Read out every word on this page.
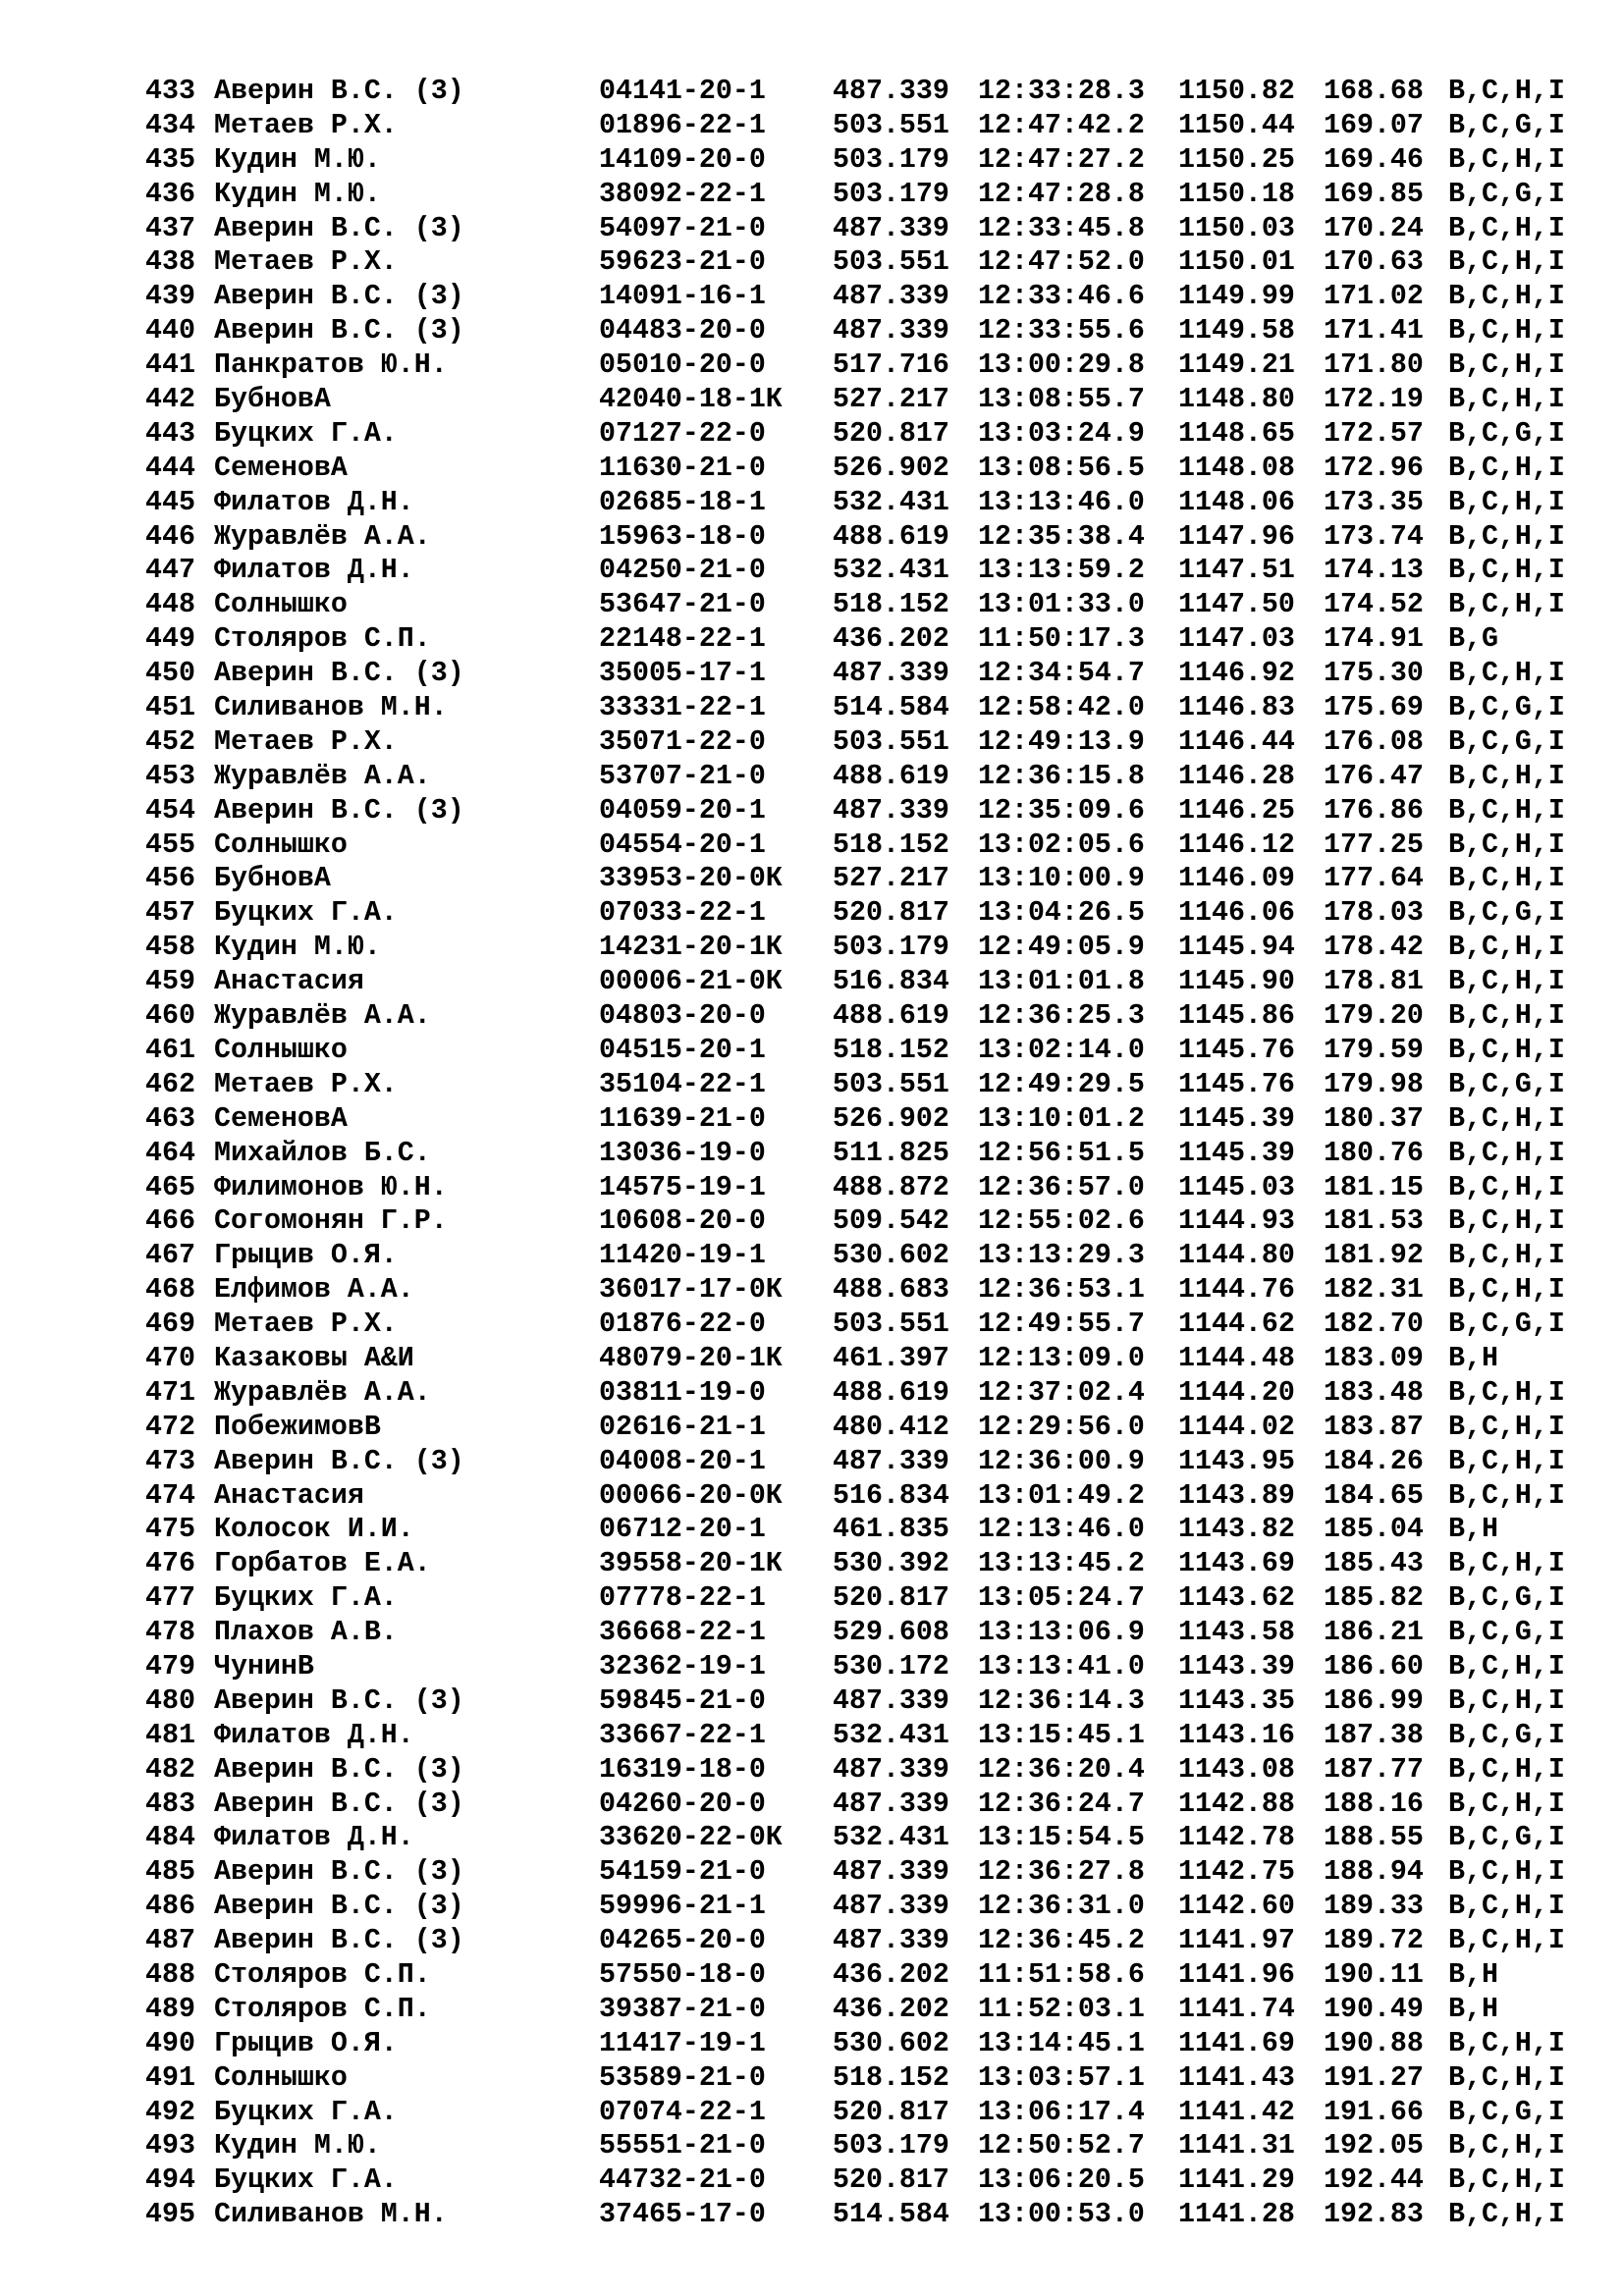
433 Аверин В.С. (3)	04141-20-1	487.339	12:33:28.3	1150.82	168.68 B,C,H,I
434 Метаев Р.Х.	01896-22-1	503.551	12:47:42.2	1150.44	169.07 B,C,G,I
435 Кудин М.Ю.	14109-20-0	503.179	12:47:27.2	1150.25	169.46 B,C,H,I
436 Кудин М.Ю.	38092-22-1	503.179	12:47:28.8	1150.18	169.85 B,C,G,I
437 Аверин В.С. (3)	54097-21-0	487.339	12:33:45.8	1150.03	170.24 B,C,H,I
438 Метаев Р.Х.	59623-21-0	503.551	12:47:52.0	1150.01	170.63 B,C,H,I
439 Аверин В.С. (3)	14091-16-1	487.339	12:33:46.6	1149.99	171.02 B,C,H,I
440 Аверин В.С. (3)	04483-20-0	487.339	12:33:55.6	1149.58	171.41 B,C,H,I
441 Панкратов Ю.Н.	05010-20-0	517.716	13:00:29.8	1149.21	171.80 B,C,H,I
442 БубновА	42040-18-1К	527.217	13:08:55.7	1148.80	172.19 B,C,H,I
443 Буцких Г.А.	07127-22-0	520.817	13:03:24.9	1148.65	172.57 B,C,G,I
444 СеменовА	11630-21-0	526.902	13:08:56.5	1148.08	172.96 B,C,H,I
445 Филатов Д.Н.	02685-18-1	532.431	13:13:46.0	1148.06	173.35 B,C,H,I
446 Журавлёв А.А.	15963-18-0	488.619	12:35:38.4	1147.96	173.74 B,C,H,I
447 Филатов Д.Н.	04250-21-0	532.431	13:13:59.2	1147.51	174.13 B,C,H,I
448 Солнышко	53647-21-0	518.152	13:01:33.0	1147.50	174.52 B,C,H,I
449 Столяров С.П.	22148-22-1	436.202	11:50:17.3	1147.03	174.91 B,G
450 Аверин В.С. (3)	35005-17-1	487.339	12:34:54.7	1146.92	175.30 B,C,H,I
451 Силиванов М.Н.	33331-22-1	514.584	12:58:42.0	1146.83	175.69 B,C,G,I
452 Метаев Р.Х.	35071-22-0	503.551	12:49:13.9	1146.44	176.08 B,C,G,I
453 Журавлёв А.А.	53707-21-0	488.619	12:36:15.8	1146.28	176.47 B,C,H,I
454 Аверин В.С. (3)	04059-20-1	487.339	12:35:09.6	1146.25	176.86 B,C,H,I
455 Солнышко	04554-20-1	518.152	13:02:05.6	1146.12	177.25 B,C,H,I
456 БубновА	33953-20-0К	527.217	13:10:00.9	1146.09	177.64 B,C,H,I
457 Буцких Г.А.	07033-22-1	520.817	13:04:26.5	1146.06	178.03 B,C,G,I
458 Кудин М.Ю.	14231-20-1К	503.179	12:49:05.9	1145.94	178.42 B,C,H,I
459 Анастасия	00006-21-0К	516.834	13:01:01.8	1145.90	178.81 B,C,H,I
460 Журавлёв А.А.	04803-20-0	488.619	12:36:25.3	1145.86	179.20 B,C,H,I
461 Солнышко	04515-20-1	518.152	13:02:14.0	1145.76	179.59 B,C,H,I
462 Метаев Р.Х.	35104-22-1	503.551	12:49:29.5	1145.76	179.98 B,C,G,I
463 СеменовА	11639-21-0	526.902	13:10:01.2	1145.39	180.37 B,C,H,I
464 Михайлов Б.С.	13036-19-0	511.825	12:56:51.5	1145.39	180.76 B,C,H,I
465 Филимонов Ю.Н.	14575-19-1	488.872	12:36:57.0	1145.03	181.15 B,C,H,I
466 Согомонян Г.Р.	10608-20-0	509.542	12:55:02.6	1144.93	181.53 B,C,H,I
467 Грыцив О.Я.	11420-19-1	530.602	13:13:29.3	1144.80	181.92 B,C,H,I
468 Елфимов А.А.	36017-17-0К	488.683	12:36:53.1	1144.76	182.31 B,C,H,I
469 Метаев Р.Х.	01876-22-0	503.551	12:49:55.7	1144.62	182.70 B,C,G,I
470 Казаковы А&И	48079-20-1К	461.397	12:13:09.0	1144.48	183.09 B,H
471 Журавлёв А.А.	03811-19-0	488.619	12:37:02.4	1144.20	183.48 B,C,H,I
472 ПобежимовВ	02616-21-1	480.412	12:29:56.0	1144.02	183.87 B,C,H,I
473 Аверин В.С. (3)	04008-20-1	487.339	12:36:00.9	1143.95	184.26 B,C,H,I
474 Анастасия	00066-20-0К	516.834	13:01:49.2	1143.89	184.65 B,C,H,I
475 Колосок И.И.	06712-20-1	461.835	12:13:46.0	1143.82	185.04 B,H
476 Горбатов Е.А.	39558-20-1К	530.392	13:13:45.2	1143.69	185.43 B,C,H,I
477 Буцких Г.А.	07778-22-1	520.817	13:05:24.7	1143.62	185.82 B,C,G,I
478 Плахов А.В.	36668-22-1	529.608	13:13:06.9	1143.58	186.21 B,C,G,I
479 ЧунинВ	32362-19-1	530.172	13:13:41.0	1143.39	186.60 B,C,H,I
480 Аверин В.С. (3)	59845-21-0	487.339	12:36:14.3	1143.35	186.99 B,C,H,I
481 Филатов Д.Н.	33667-22-1	532.431	13:15:45.1	1143.16	187.38 B,C,G,I
482 Аверин В.С. (3)	16319-18-0	487.339	12:36:20.4	1143.08	187.77 B,C,H,I
483 Аверин В.С. (3)	04260-20-0	487.339	12:36:24.7	1142.88	188.16 B,C,H,I
484 Филатов Д.Н.	33620-22-0К	532.431	13:15:54.5	1142.78	188.55 B,C,G,I
485 Аверин В.С. (3)	54159-21-0	487.339	12:36:27.8	1142.75	188.94 B,C,H,I
486 Аверин В.С. (3)	59996-21-1	487.339	12:36:31.0	1142.60	189.33 B,C,H,I
487 Аверин В.С. (3)	04265-20-0	487.339	12:36:45.2	1141.97	189.72 B,C,H,I
488 Столяров С.П.	57550-18-0	436.202	11:51:58.6	1141.96	190.11 B,H
489 Столяров С.П.	39387-21-0	436.202	11:52:03.1	1141.74	190.49 B,H
490 Грыцив О.Я.	11417-19-1	530.602	13:14:45.1	1141.69	190.88 B,C,H,I
491 Солнышко	53589-21-0	518.152	13:03:57.1	1141.43	191.27 B,C,H,I
492 Буцких Г.А.	07074-22-1	520.817	13:06:17.4	1141.42	191.66 B,C,G,I
493 Кудин М.Ю.	55551-21-0	503.179	12:50:52.7	1141.31	192.05 B,C,H,I
494 Буцких Г.А.	44732-21-0	520.817	13:06:20.5	1141.29	192.44 B,C,H,I
495 Силиванов М.Н.	37465-17-0	514.584	13:00:53.0	1141.28	192.83 B,C,H,I
